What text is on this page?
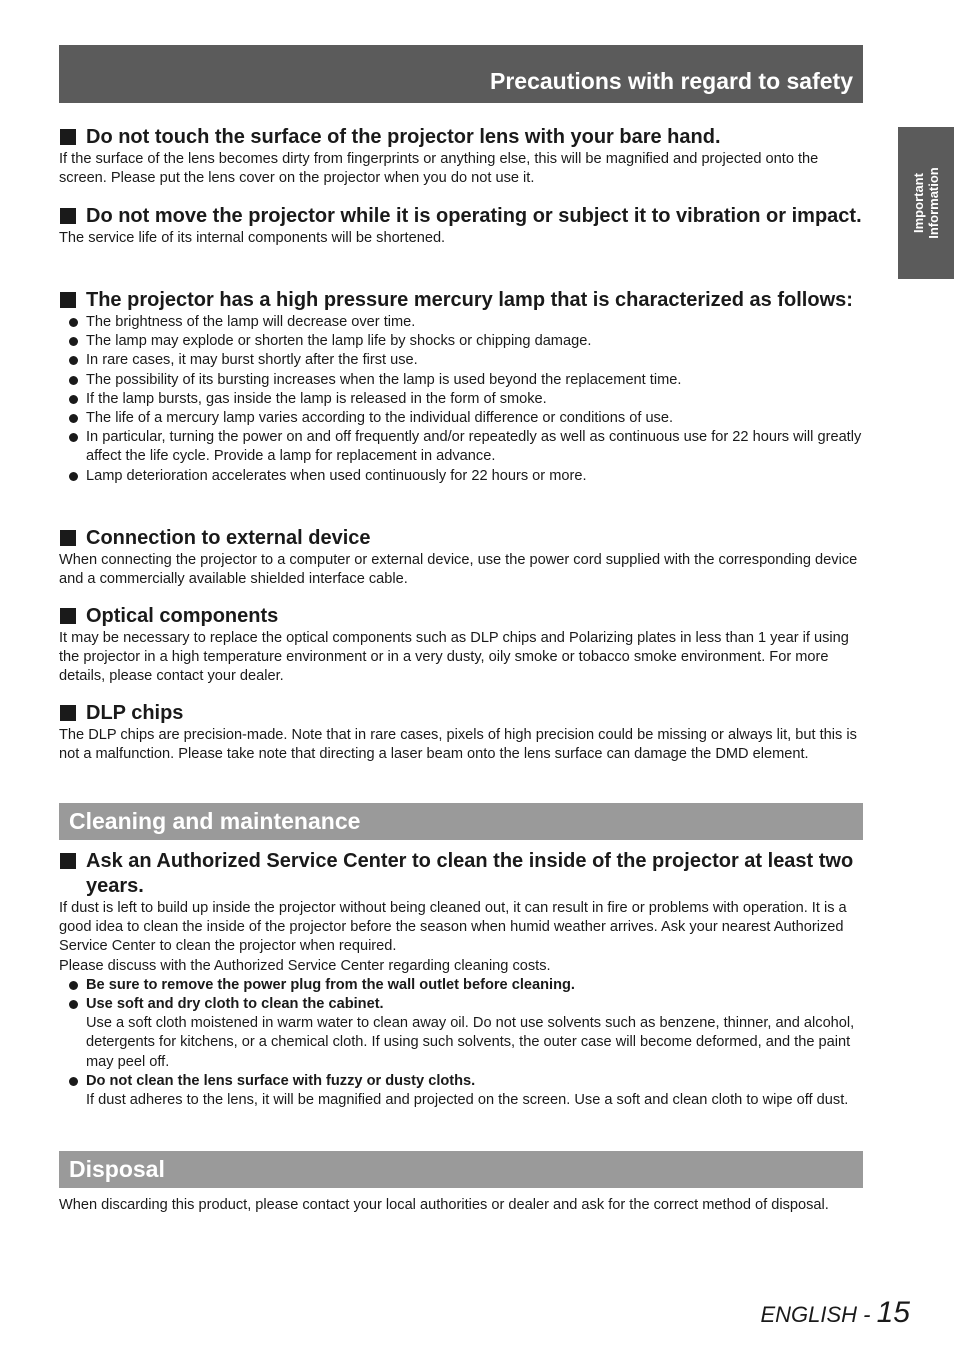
Precautions with regard to safety
Important Information
Do not touch the surface of the projector lens with your bare hand.

If the surface of the lens becomes dirty from fingerprints or anything else, this will be magnified and projected onto the screen. Please put the lens cover on the projector when you do not use it.

Do not move the projector while it is operating or subject it to vibration or impact.

The service life of its internal components will be shortened.

The projector has a high pressure mercury lamp that is characterized as follows:
The brightness of the lamp will decrease over time.
The lamp may explode or shorten the lamp life by shocks or chipping damage.
In rare cases, it may burst shortly after the first use.
The possibility of its bursting increases when the lamp is used beyond the replacement time.
If the lamp bursts, gas inside the lamp is released in the form of smoke.
The life of a mercury lamp varies according to the individual difference or conditions of use.
In particular, turning the power on and off frequently and/or repeatedly as well as continuous use for 22 hours will greatly affect the life cycle. Provide a lamp for replacement in advance.
Lamp deterioration accelerates when used continuously for 22 hours or more.
Connection to external device

When connecting the projector to a computer or external device, use the power cord supplied with the corresponding device and a commercially available shielded interface cable.

Optical components

It may be necessary to replace the optical components such as DLP chips and Polarizing plates in less than 1 year if using the projector in a high temperature environment or in a very dusty, oily smoke or tobacco smoke environment. For more details, please contact your dealer.

DLP chips

The DLP chips are precision-made. Note that in rare cases, pixels of high precision could be missing or always lit, but this is not a malfunction. Please take note that directing a laser beam onto the lens surface can damage the DMD element.

Cleaning and maintenance
Ask an Authorized Service Center to clean the inside of the projector at least two years.

If dust is left to build up inside the projector without being cleaned out, it can result in fire or problems with operation. It is a good idea to clean the inside of the projector before the season when humid weather arrives. Ask your nearest Authorized Service Center to clean the projector when required.

Please discuss with the Authorized Service Center regarding cleaning costs.

Be sure to remove the power plug from the wall outlet before cleaning.
Use soft and dry cloth to clean the cabinet.
Use a soft cloth moistened in warm water to clean away oil. Do not use solvents such as benzene, thinner, and alcohol, detergents for kitchens, or a chemical cloth. If using such solvents, the outer case will become deformed, and the paint may peel off.
Do not clean the lens surface with fuzzy or dusty cloths.
If dust adheres to the lens, it will be magnified and projected on the screen. Use a soft and clean cloth to wipe off dust.
Disposal

When discarding this product, please contact your local authorities or dealer and ask for the correct method of disposal.

ENGLISH - 15
